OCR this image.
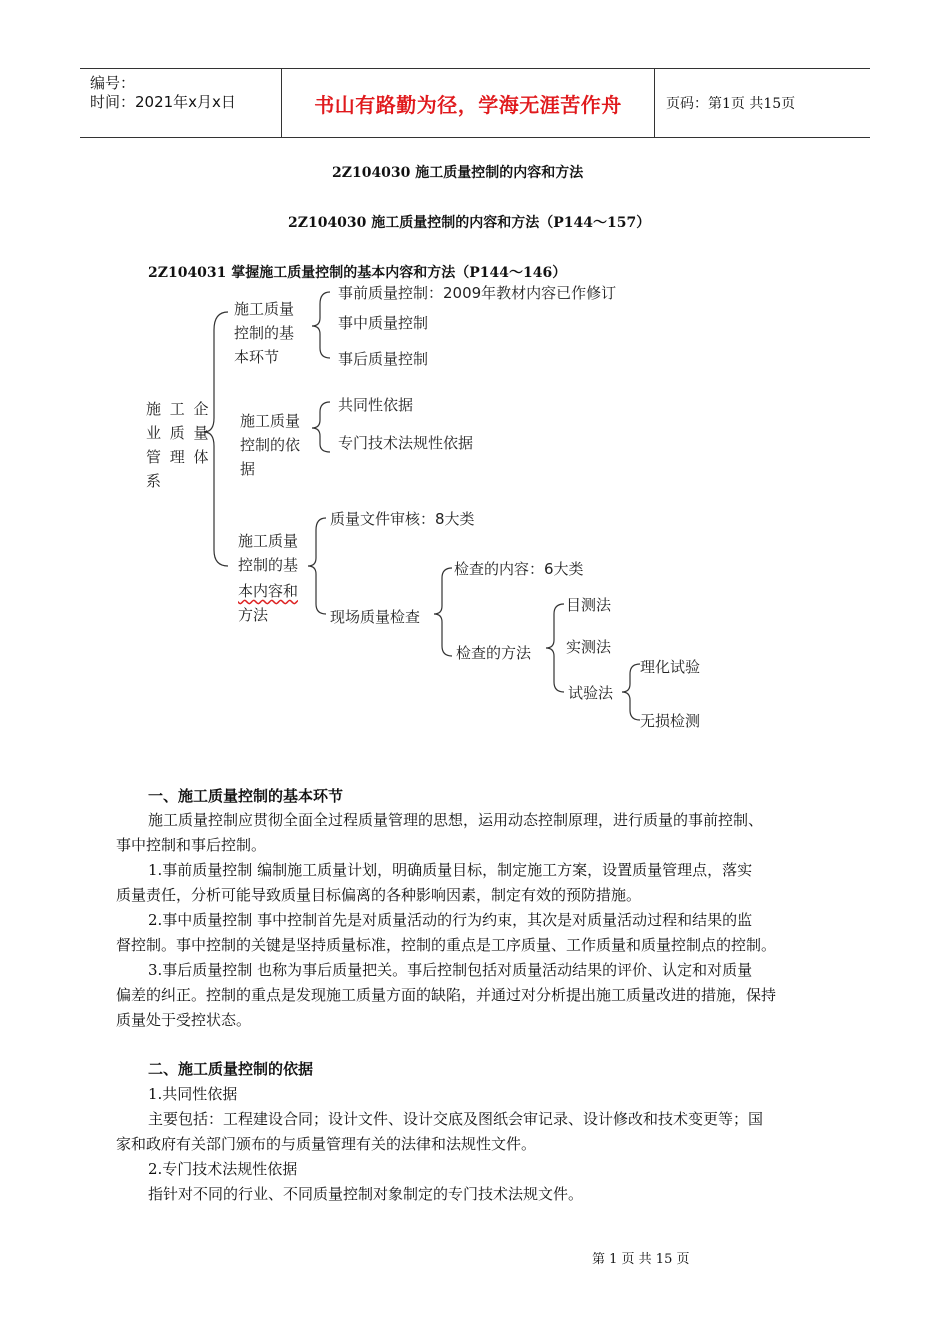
编号：
时间：2021年x月x日	书山有路勤为径，学海无涯苦作舟	页码：第1页 共15页
2Z104030 施工质量控制的内容和方法
2Z104030 施工质量控制的内容和方法（P144～157）
2Z104031 掌握施工质量控制的基本内容和方法（P144～146）
施 工 企
业 质 量
管 理 体
系
施工质量
控制的基
本环节
事前质量控制：2009年教材内容已作修订
事中质量控制
事后质量控制
施工质量
控制的依
据
共同性依据
专门技术法规性依据
施工质量
控制的基
本内容和
方法
质量文件审核：8大类
现场质量检查
检查的内容：6大类
检查的方法
目测法
实测法
试验法
理化试验
无损检测
一、施工质量控制的基本环节
施工质量控制应贯彻全面全过程质量管理的思想，运用动态控制原理，进行质量的事前控制、
事中控制和事后控制。
1.事前质量控制 编制施工质量计划，明确质量目标，制定施工方案，设置质量管理点，落实
质量责任，分析可能导致质量目标偏离的各种影响因素，制定有效的预防措施。
2.事中质量控制 事中控制首先是对质量活动的行为约束，其次是对质量活动过程和结果的监
督控制。事中控制的关键是坚持质量标准，控制的重点是工序质量、工作质量和质量控制点的控制。
3.事后质量控制 也称为事后质量把关。事后控制包括对质量活动结果的评价、认定和对质量
偏差的纠正。控制的重点是发现施工质量方面的缺陷，并通过对分析提出施工质量改进的措施，保持
质量处于受控状态。
二、施工质量控制的依据
1.共同性依据
主要包括：工程建设合同；设计文件、设计交底及图纸会审记录、设计修改和技术变更等；国
家和政府有关部门颁布的与质量管理有关的法律和法规性文件。
2.专门技术法规性依据
指针对不同的行业、不同质量控制对象制定的专门技术法规文件。
第 1 页 共 15 页
